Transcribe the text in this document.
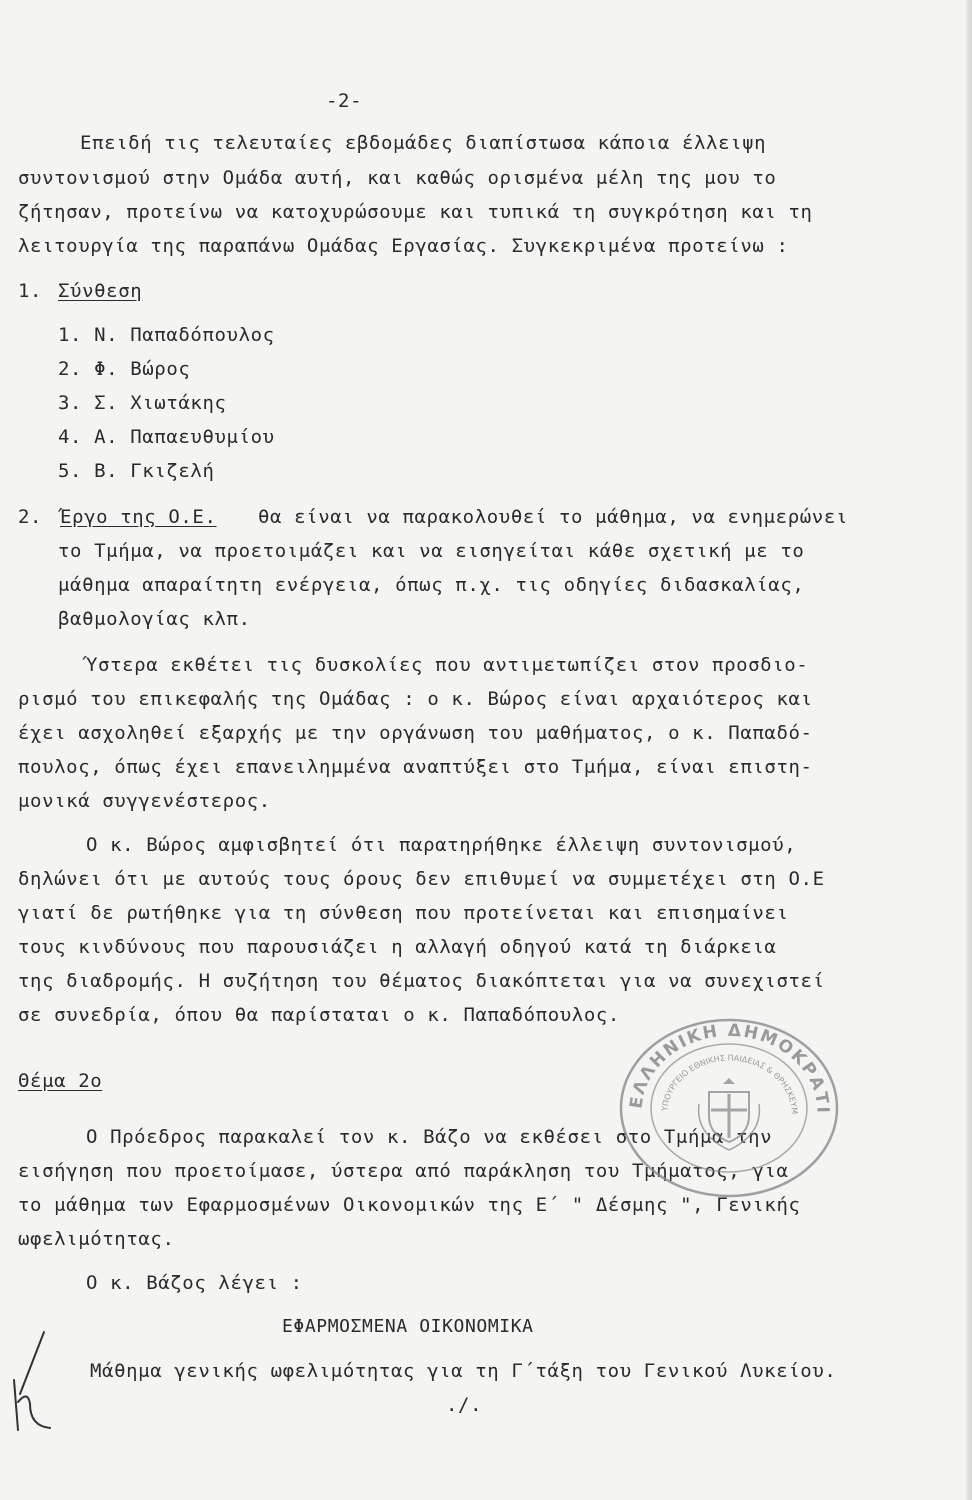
-2-
Επειδή τις τελευταίες εβδομάδες διαπίστωσα κάποια έλλειψη
συντονισμού στην Ομάδα αυτή, και καθώς ορισμένα μέλη της μου το
ζήτησαν, προτείνω να κατοχυρώσουμε και τυπικά τη συγκρότηση και τη
λειτουργία της παραπάνω Ομάδας Εργασίας. Συγκεκριμένα προτείνω :
1. Σύνθεση
1. Ν. Παπαδόπουλος
2. Φ. Βώρος
3. Σ. Χιωτάκης
4. Α. Παπαευθυμίου
5. Β. Γκιζελή
2. Έργο της Ο.Ε. θα είναι να παρακολουθεί το μάθημα, να ενημερώνει
το Τμήμα, να προετοιμάζει και να εισηγείται κάθε σχετική με το
μάθημα απαραίτητη ενέργεια, όπως π.χ. τις οδηγίες διδασκαλίας,
βαθμολογίας κλπ.
Ύστερα εκθέτει τις δυσκολίες που αντιμετωπίζει στον προσδιο-
ρισμό του επικεφαλής της Ομάδας : ο κ. Βώρος είναι αρχαιότερος και
έχει ασχοληθεί εξαρχής με την οργάνωση του μαθήματος, ο κ. Παπαδό-
πουλος, όπως έχει επανειλημμένα αναπτύξει στο Τμήμα, είναι επιστη-
μονικά συγγενέστερος.
Ο κ. Βώρος αμφισβητεί ότι παρατηρήθηκε έλλειψη συντονισμού,
δηλώνει ότι με αυτούς τους όρους δεν επιθυμεί να συμμετέχει στη Ο.Ε
γιατί δε ρωτήθηκε για τη σύνθεση που προτείνεται και επισημαίνει
τους κινδύνους που παρουσιάζει η αλλαγή οδηγού κατά τη διάρκεια
της διαδρομής. Η συζήτηση του θέματος διακόπτεται για να συνεχιστεί
σε συνεδρία, όπου θα παρίσταται ο κ. Παπαδόπουλος.
Θέμα 2ο
Ο Πρόεδρος παρακαλεί τον κ. Βάζο να εκθέσει στο Τμήμα την
εισήγηση που προετοίμασε, ύστερα από παράκληση του Τμήματος, για
το μάθημα των Εφαρμοσμένων Οικονομικών της Ε΄ " Δέσμης ", Γενικής
ωφελιμότητας.
Ο κ. Βάζος λέγει :
ΕΦΑΡΜΟΣΜΕΝΑ ΟΙΚΟΝΟΜΙΚΑ
Μάθημα γενικής ωφελιμότητας για τη Γ΄τάξη του Γενικού Λυκείου.
./.
ΕΛΛΗΝΙΚΗ ΔΗΜΟΚΡΑΤΙ
ΥΠΟΥΡΓΕΙΟ ΕΘΝΙΚΗΣ ΠΑΙΔΕΙΑΣ & ΘΡΗΣΚΕΥΜ
